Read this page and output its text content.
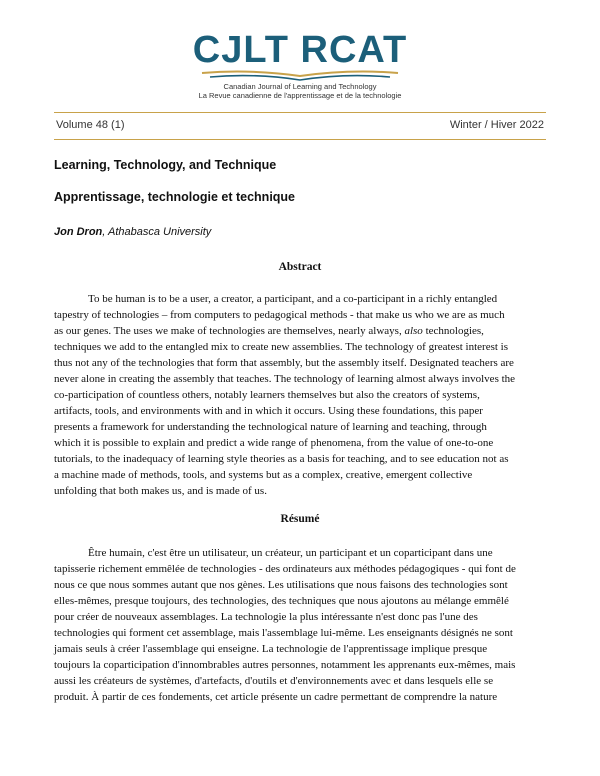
CJLT RCAT
Canadian Journal of Learning and Technology
La Revue canadienne de l'apprentissage et de la technologie
Volume 48 (1)	Winter / Hiver 2022
Learning, Technology, and Technique
Apprentissage, technologie et technique
Jon Dron, Athabasca University
Abstract
To be human is to be a user, a creator, a participant, and a co-participant in a richly entangled
tapestry of technologies – from computers to pedagogical methods - that make us who we are as much
as our genes. The uses we make of technologies are themselves, nearly always, also technologies,
techniques we add to the entangled mix to create new assemblies. The technology of greatest interest is
thus not any of the technologies that form that assembly, but the assembly itself. Designated teachers are
never alone in creating the assembly that teaches. The technology of learning almost always involves the
co-participation of countless others, notably learners themselves but also the creators of systems,
artifacts, tools, and environments with and in which it occurs. Using these foundations, this paper
presents a framework for understanding the technological nature of learning and teaching, through
which it is possible to explain and predict a wide range of phenomena, from the value of one-to-one
tutorials, to the inadequacy of learning style theories as a basis for teaching, and to see education not as
a machine made of methods, tools, and systems but as a complex, creative, emergent collective
unfolding that both makes us, and is made of us.
Résumé
Être humain, c'est être un utilisateur, un créateur, un participant et un coparticipant dans une
tapisserie richement emmêlée de technologies - des ordinateurs aux méthodes pédagogiques - qui font de
nous ce que nous sommes autant que nos gènes. Les utilisations que nous faisons des technologies sont
elles-mêmes, presque toujours, des technologies, des techniques que nous ajoutons au mélange emmêlé
pour créer de nouveaux assemblages. La technologie la plus intéressante n'est donc pas l'une des
technologies qui forment cet assemblage, mais l'assemblage lui-même. Les enseignants désignés ne sont
jamais seuls à créer l'assemblage qui enseigne. La technologie de l'apprentissage implique presque
toujours la coparticipation d'innombrables autres personnes, notamment les apprenants eux-mêmes, mais
aussi les créateurs de systèmes, d'artefacts, d'outils et d'environnements avec et dans lesquels elle se
produit. À partir de ces fondements, cet article présente un cadre permettant de comprendre la nature
